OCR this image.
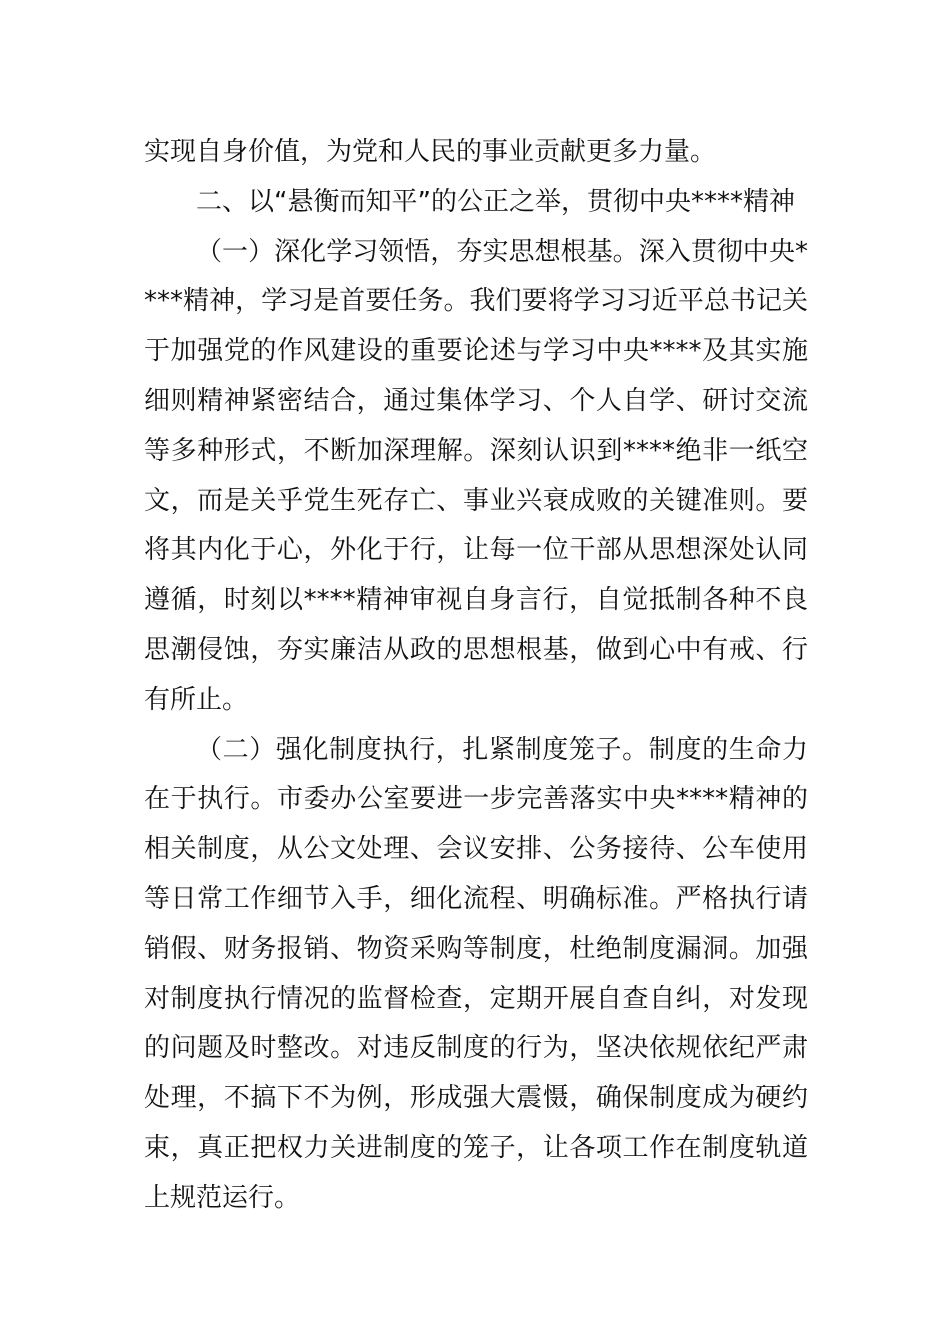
实现自身价值，为党和人民的事业贡献更多力量。

二、以“悬衡而知平”的公正之举，贯彻中央****精神

（一）深化学习领悟，夯实思想根基。深入贯彻中央****精神，学习是首要任务。我们要将学习习近平总书记关于加强党的作风建设的重要论述与学习中央****及其实施细则精神紧密结合，通过集体学习、个人自学、研讨交流等多种形式，不断加深理解。深刻认识到****绝非一纸空文，而是关乎党生死存亡、事业兴衰成败的关键准则。要将其内化于心，外化于行，让每一位干部从思想深处认同遵循，时刻以****精神审视自身言行，自觉抵制各种不良思潮侵蚀，夯实廉洁从政的思想根基，做到心中有戒、行有所止。

（二）强化制度执行，扎紧制度笼子。制度的生命力在于执行。市委办公室要进一步完善落实中央****精神的相关制度，从公文处理、会议安排、公务接待、公车使用等日常工作细节入手，细化流程、明确标准。严格执行请销假、财务报销、物资采购等制度，杜绝制度漏洞。加强对制度执行情况的监督检查，定期开展自查自纠，对发现的问题及时整改。对违反制度的行为，坚决依规依纪严肃处理，不搞下不为例，形成强大震慑，确保制度成为硬约束，真正把权力关进制度的笼子，让各项工作在制度轨道上规范运行。
